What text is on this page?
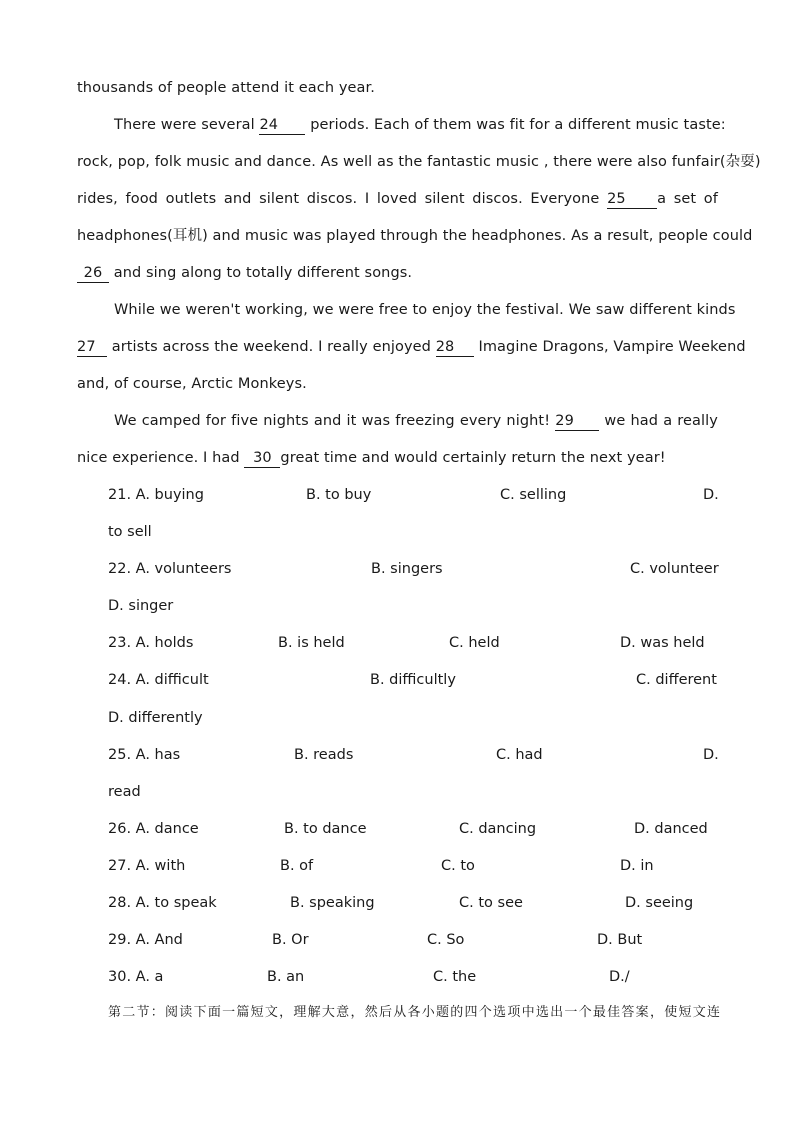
thousands of people attend it each year.
There were several 24 periods. Each of them was fit for a different music taste:
rock, pop, folk music and dance. As well as the fantastic music , there were also funfair(杂耍)
rides, food outlets and silent discos. I loved silent discos. Everyone 25 a set of
headphones(耳机) and music was played through the headphones. As a result, people could
26 and sing along to totally different songs.
While we weren't working, we were free to enjoy the festival. We saw different kinds
27 artists across the weekend. I really enjoyed 28 Imagine Dragons, Vampire Weekend
and, of course, Arctic Monkeys.
We camped for five nights and it was freezing every night! 29 we had a really
nice experience. I had 30 great time and would certainly return the next year!
21. A. buying	B. to buy	C. selling	D.
to sell
22. A. volunteers	B. singers	C. volunteer
D. singer
23. A. holds	B. is held	C. held	D. was held
24. A. difficult	B. difficultly	C. different
D. differently
25. A. has	B. reads	C. had	D.
read
26. A. dance	B. to dance	C. dancing	D. danced
27. A. with	B. of	C. to	D. in
28. A. to speak	B. speaking	C. to see	D. seeing
29. A. And	B. Or	C. So	D. But
30. A. a	B. an	C. the	D./
第二节：阅读下面一篇短文，理解大意，然后从各小题的四个选项中选出一个最佳答案，使短文连
